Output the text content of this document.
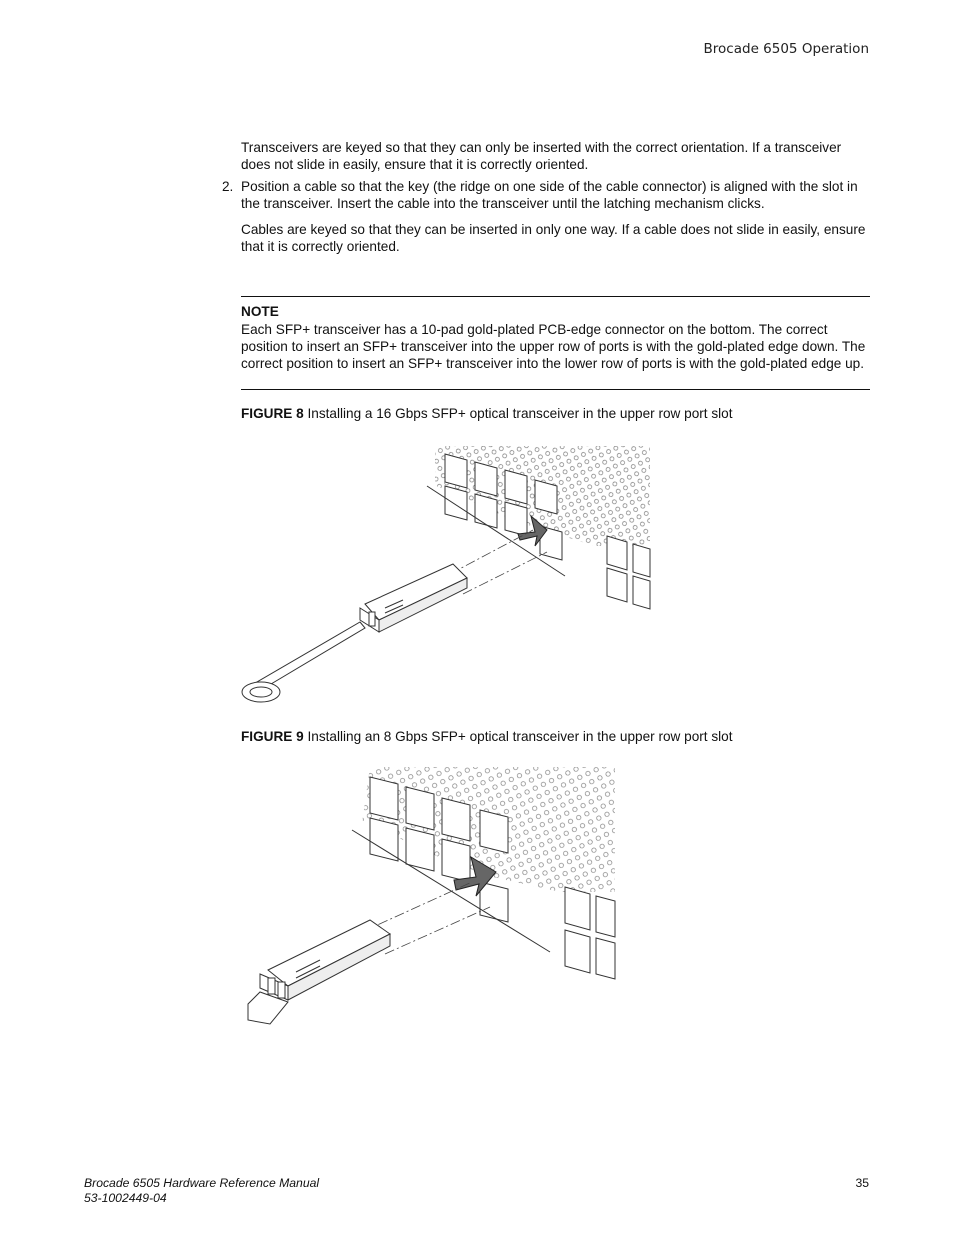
Brocade 6505 Operation

Transceivers are keyed so that they can only be inserted with the correct orientation. If a transceiver does not slide in easily, ensure that it is correctly oriented.

2. Position a cable so that the key (the ridge on one side of the cable connector) is aligned with the slot in the transceiver. Insert the cable into the transceiver until the latching mechanism clicks.

Cables are keyed so that they can be inserted in only one way. If a cable does not slide in easily, ensure that it is correctly oriented.

NOTE

Each SFP+ transceiver has a 10-pad gold-plated PCB-edge connector on the bottom. The correct position to insert an SFP+ transceiver into the upper row of ports is with the gold-plated edge down. The correct position to insert an SFP+ transceiver into the lower row of ports is with the gold-plated edge up.

FIGURE 8 Installing a 16 Gbps SFP+ optical transceiver in the upper row port slot
FIGURE 9 Installing an 8 Gbps SFP+ optical transceiver in the upper row port slot
Brocade 6505 Hardware Reference Manual
53-1002449-04
35
